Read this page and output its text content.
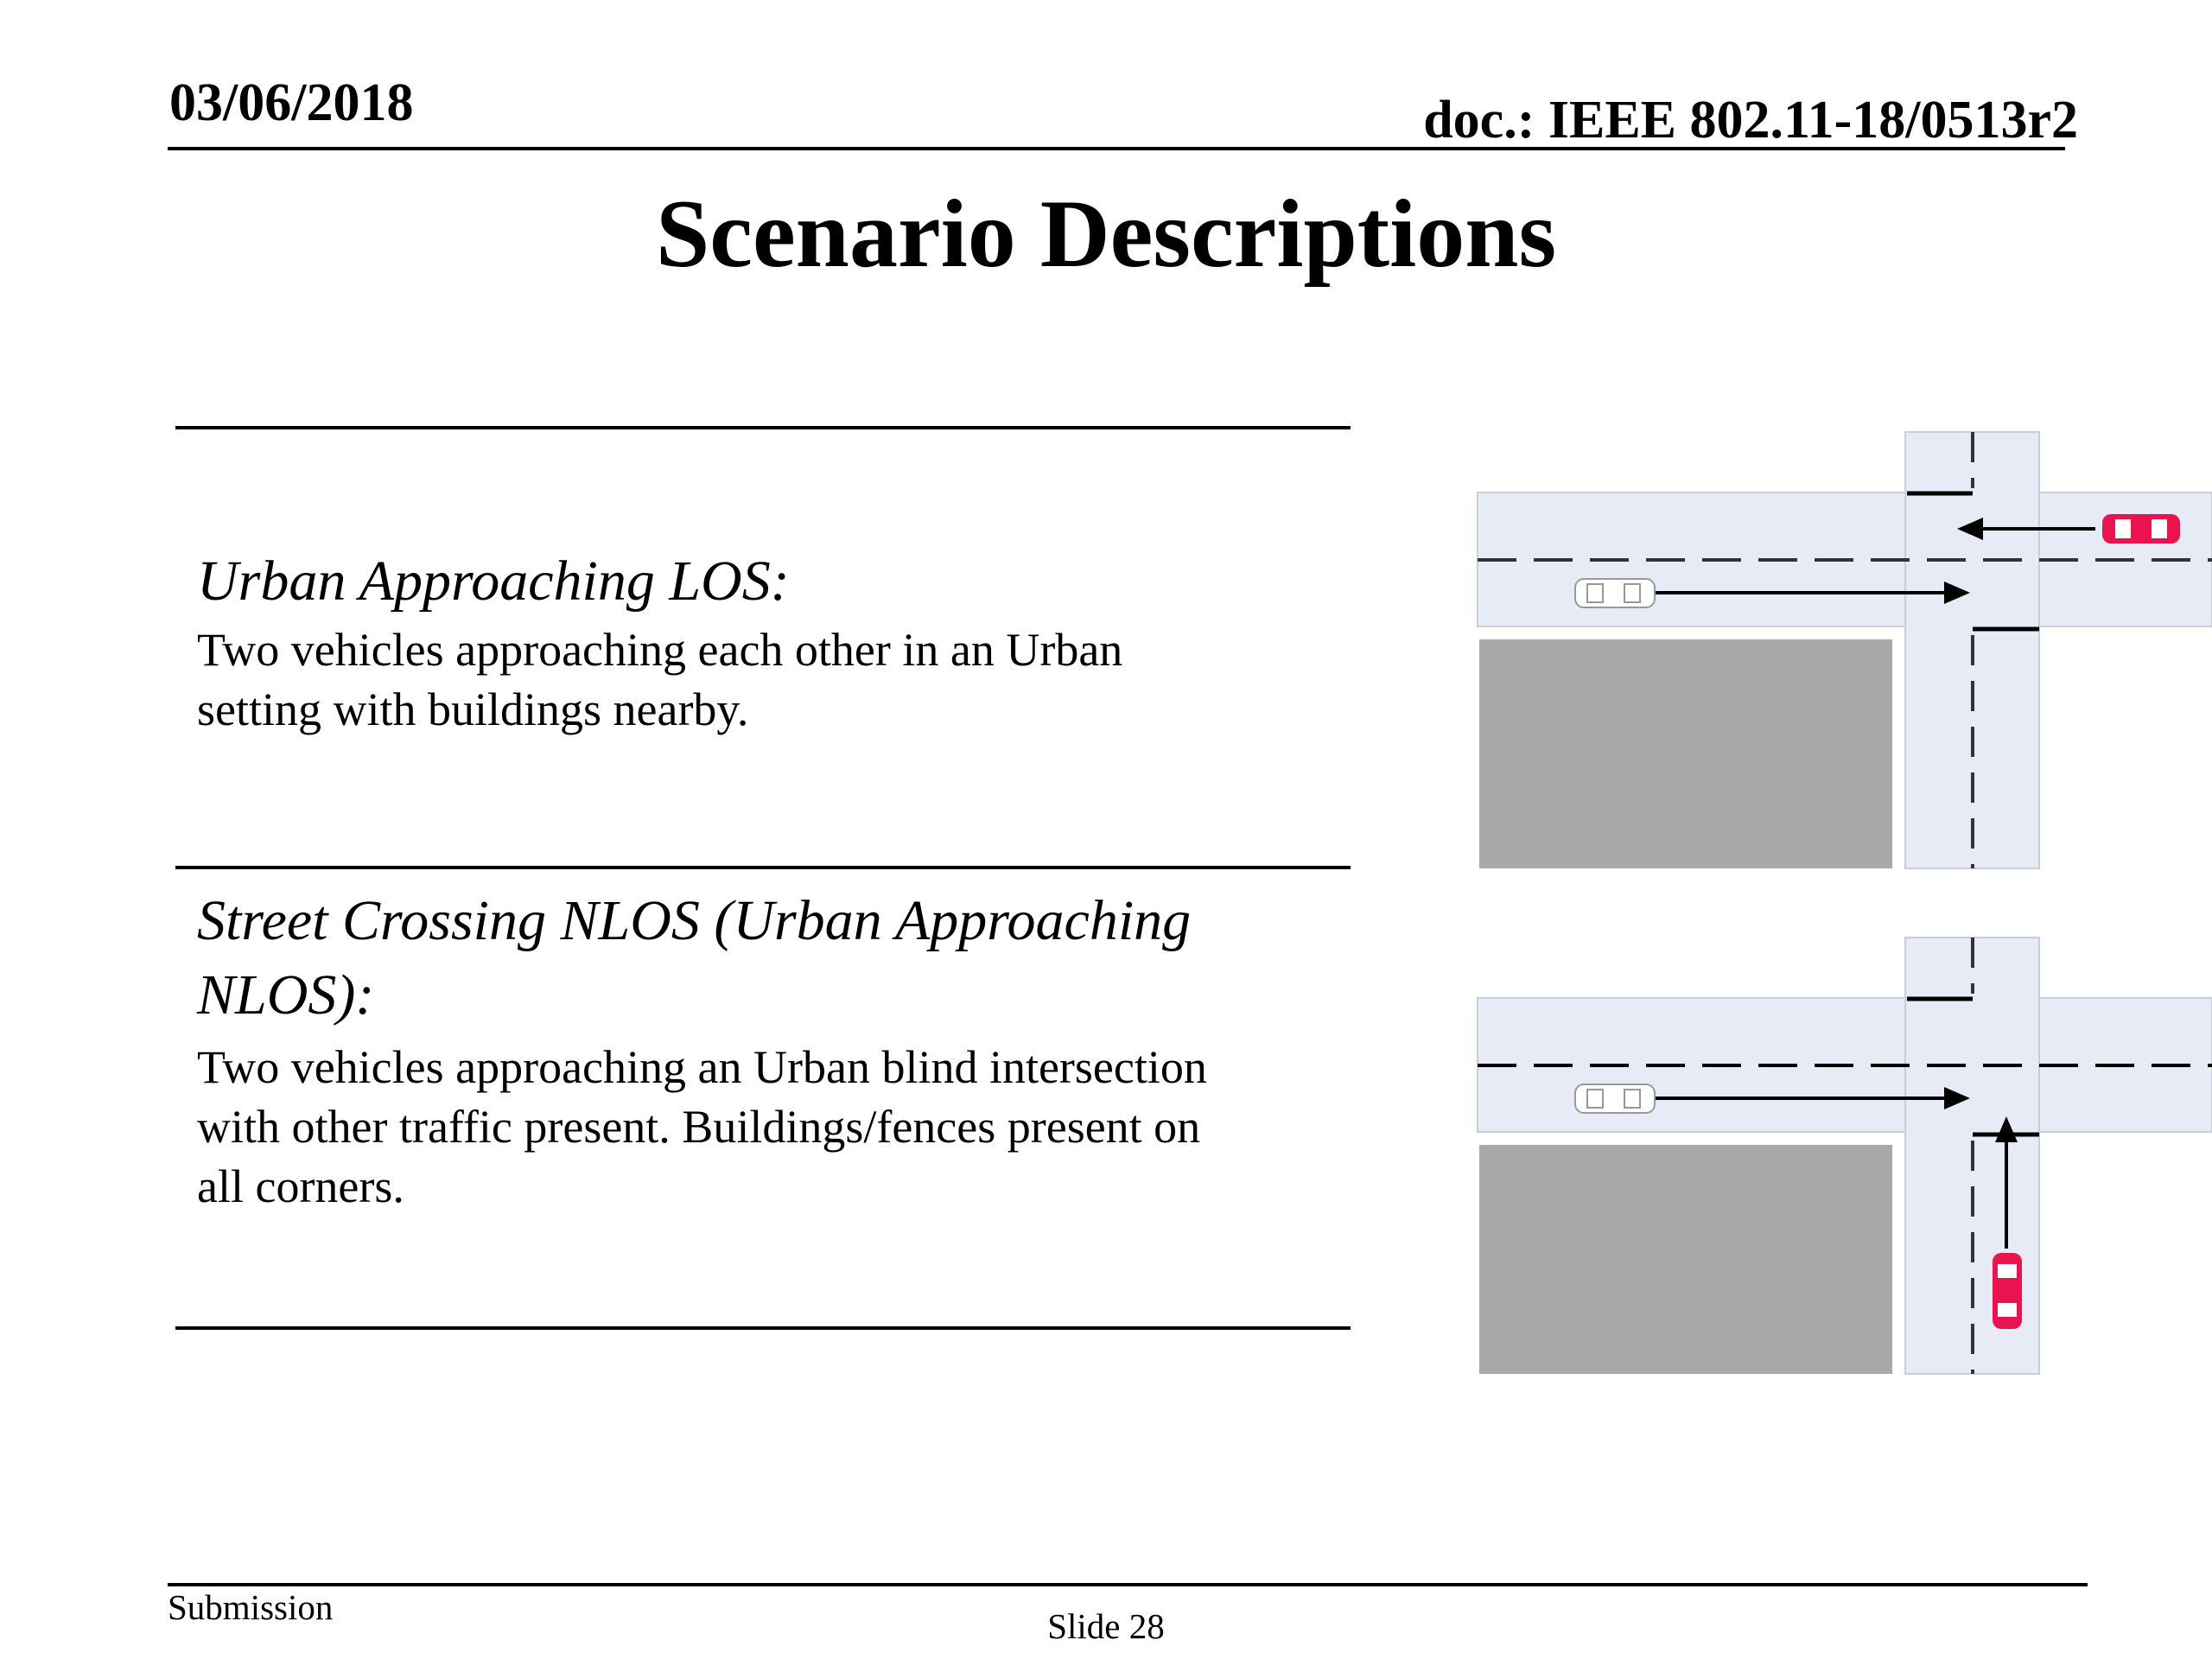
03/06/2018	doc.: IEEE 802.11-18/0513r2
Scenario Descriptions
Urban Approaching LOS:
Two vehicles approaching each other in an Urban
setting with buildings nearby.
Street Crossing NLOS (Urban Approaching
NLOS):
Two vehicles approaching an Urban blind intersection
with other traffic present. Buildings/fences present on
all corners.
Submission	Slide 28
